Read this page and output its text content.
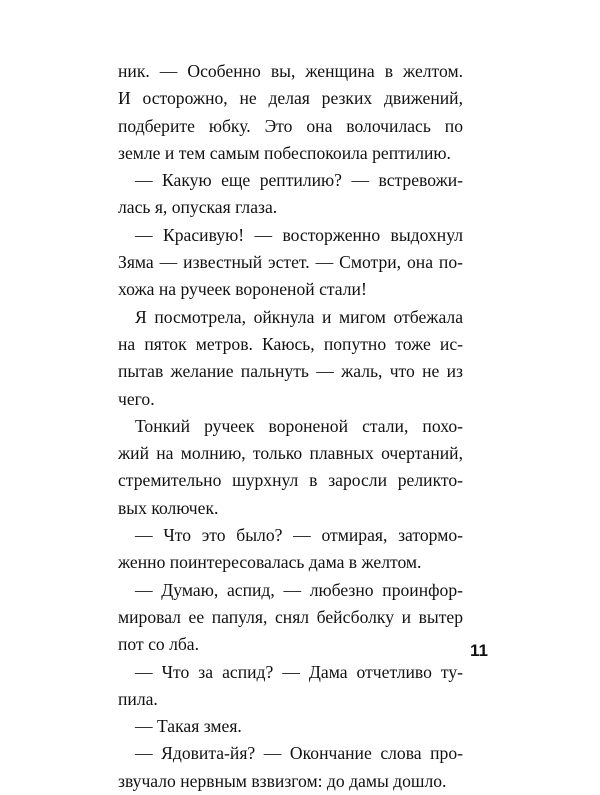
ник. — Особенно вы, женщина в желтом.
И осторожно, не делая резких движений,
подберите юбку. Это она волочилась по
земле и тем самым побеспокоила рептилию.
— Какую еще рептилию? — встревожи-
лась я, опуская глаза.
— Красивую! — восторженно выдохнул
Зяма — известный эстет. — Смотри, она по-
хожа на ручеек вороненой стали!
Я посмотрела, ойкнула и мигом отбежала
на пяток метров. Каюсь, попутно тоже ис-
пытав желание пальнуть — жаль, что не из
чего.
Тонкий ручеек вороненой стали, похо-
жий на молнию, только плавных очертаний,
стремительно шурхнул в заросли реликто-
вых колючек.
— Что это было? — отмирая, затормо-
женно поинтересовалась дама в желтом.
— Думаю, аспид, — любезно проинфор-
мировал ее папуля, снял бейсболку и вытер
пот со лба.
— Что за аспид? — Дама отчетливо ту-
пила.
— Такая змея.
— Ядовита-йя? — Окончание слова про-
звучало нервным взвизгом: до дамы дошло.
11
